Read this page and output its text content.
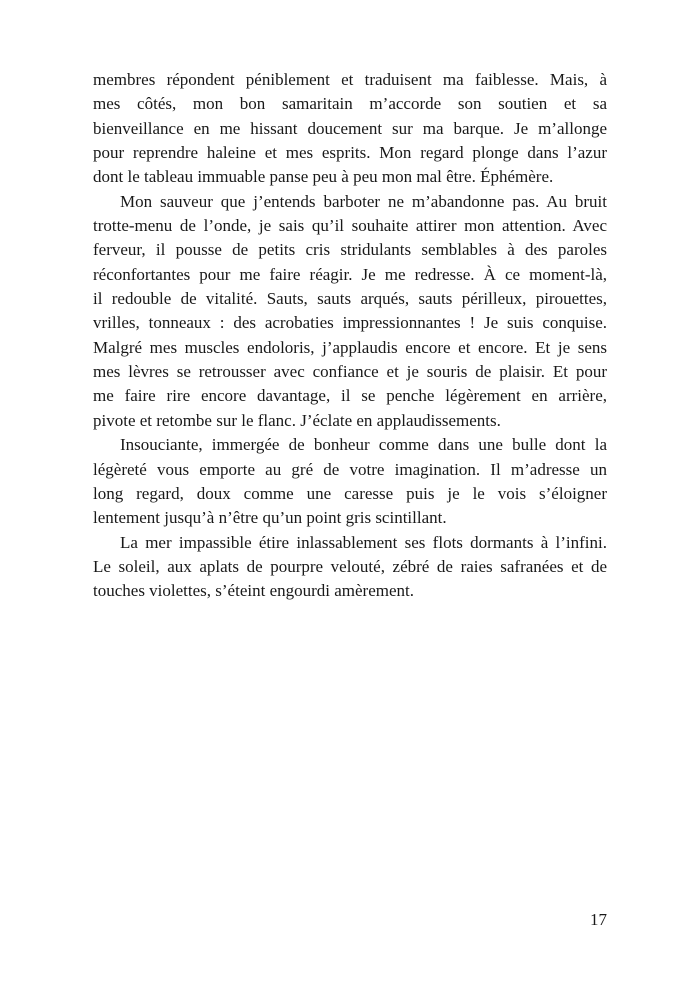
membres répondent péniblement et traduisent ma faiblesse. Mais, à
mes côtés, mon bon samaritain m’accorde son soutien et sa
bienveillance en me hissant doucement sur ma barque. Je m’allonge
pour reprendre haleine et mes esprits. Mon regard plonge dans l’azur
dont le tableau immuable panse peu à peu mon mal être. Éphémère.
Mon sauveur que j’entends barboter ne m’abandonne pas. Au bruit
trotte-menu de l’onde, je sais qu’il souhaite attirer mon attention. Avec
ferveur, il pousse de petits cris stridulants semblables à des paroles
réconfortantes pour me faire réagir. Je me redresse. À ce moment-là,
il redouble de vitalité. Sauts, sauts arqués, sauts périlleux, pirouettes,
vrilles, tonneaux : des acrobaties impressionnantes ! Je suis conquise.
Malgré mes muscles endoloris, j’applaudis encore et encore. Et je sens
mes lèvres se retrousser avec confiance et je souris de plaisir. Et pour
me faire rire encore davantage, il se penche légèrement en arrière,
pivote et retombe sur le flanc. J’éclate en applaudissements.
Insouciante, immergée de bonheur comme dans une bulle dont la
légèreté vous emporte au gré de votre imagination. Il m’adresse un
long regard, doux comme une caresse puis je le vois s’éloigner
lentement jusqu’à n’être qu’un point gris scintillant.
La mer impassible étire inlassablement ses flots dormants à l’infini.
Le soleil, aux aplats de pourpre velouté, zébré de raies safranées et de
touches violettes, s’éteint engourdi amèrement.
17
